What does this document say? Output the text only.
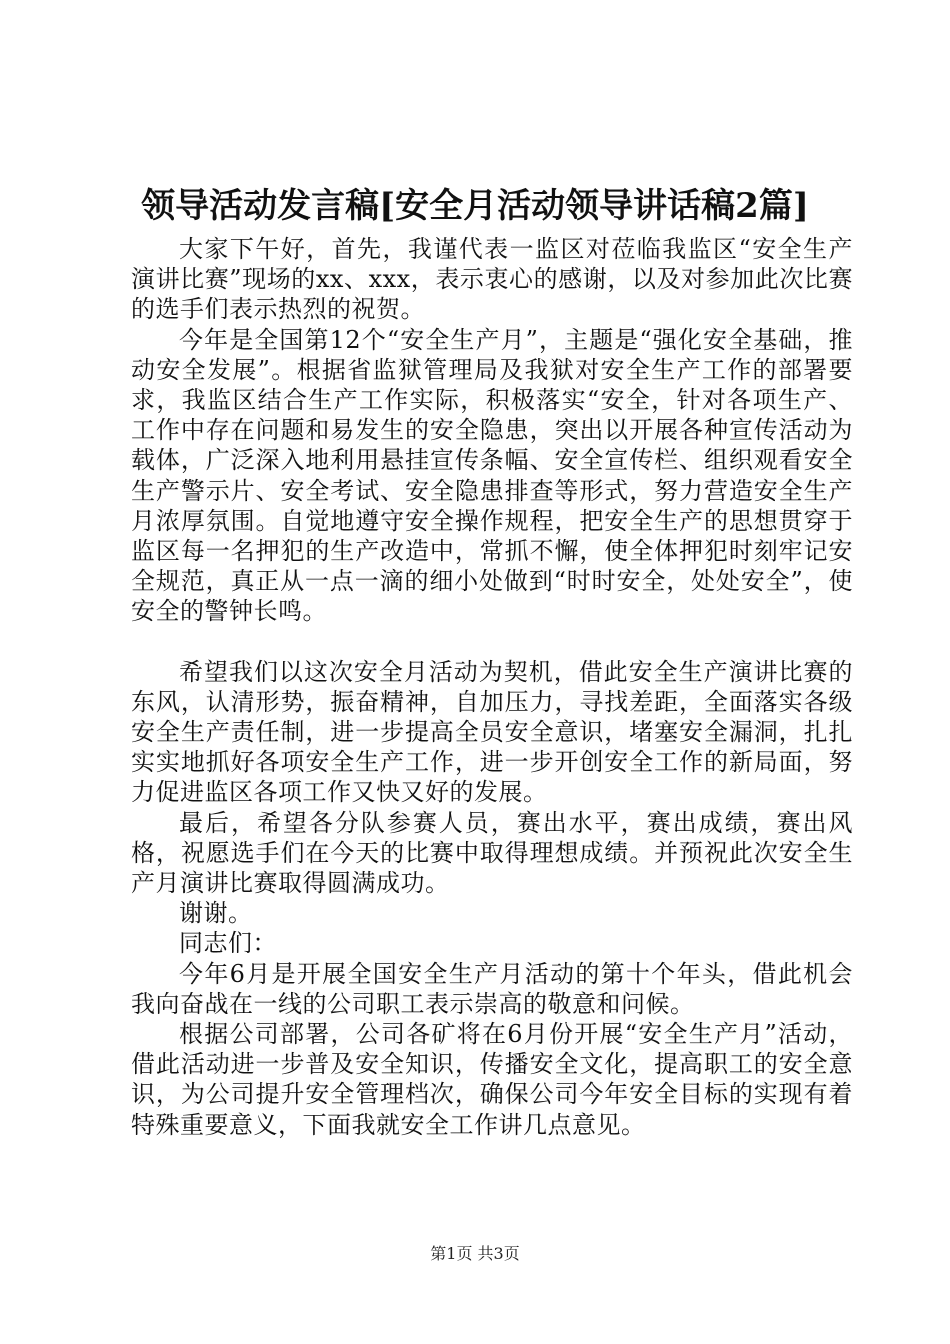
领导活动发言稿[安全月活动领导讲话稿2篇]

大家下午好，首先，我谨代表一监区对莅临我监区“安全生产演讲比赛”现场的xx、xxx，表示衷心的感谢，以及对参加此次比赛的选手们表示热烈的祝贺。

今年是全国第12个“安全生产月”，主题是“强化安全基础，推动安全发展”。根据省监狱管理局及我狱对安全生产工作的部署要求，我监区结合生产工作实际，积极落实“安全，针对各项生产、工作中存在问题和易发生的安全隐患，突出以开展各种宣传活动为载体，广泛深入地利用悬挂宣传条幅、安全宣传栏、组织观看安全生产警示片、安全考试、安全隐患排查等形式，努力营造安全生产月浓厚氛围。自觉地遵守安全操作规程，把安全生产的思想贯穿于监区每一名押犯的生产改造中，常抓不懈，使全体押犯时刻牢记安全规范，真正从一点一滴的细小处做到“时时安全，处处安全”，使安全的警钟长鸣。

希望我们以这次安全月活动为契机，借此安全生产演讲比赛的东风，认清形势，振奋精神，自加压力，寻找差距，全面落实各级安全生产责任制，进一步提高全员安全意识，堵塞安全漏洞，扎扎实实地抓好各项安全生产工作，进一步开创安全工作的新局面，努力促进监区各项工作又快又好的发展。

最后，希望各分队参赛人员，赛出水平，赛出成绩，赛出风格，祝愿选手们在今天的比赛中取得理想成绩。并预祝此次安全生产月演讲比赛取得圆满成功。

谢谢。

同志们：

今年6月是开展全国安全生产月活动的第十个年头，借此机会我向奋战在一线的公司职工表示崇高的敬意和问候。

根据公司部署，公司各矿将在6月份开展“安全生产月”活动，借此活动进一步普及安全知识，传播安全文化，提高职工的安全意识，为公司提升安全管理档次，确保公司今年安全目标的实现有着特殊重要意义，下面我就安全工作讲几点意见。

第1页 共3页
